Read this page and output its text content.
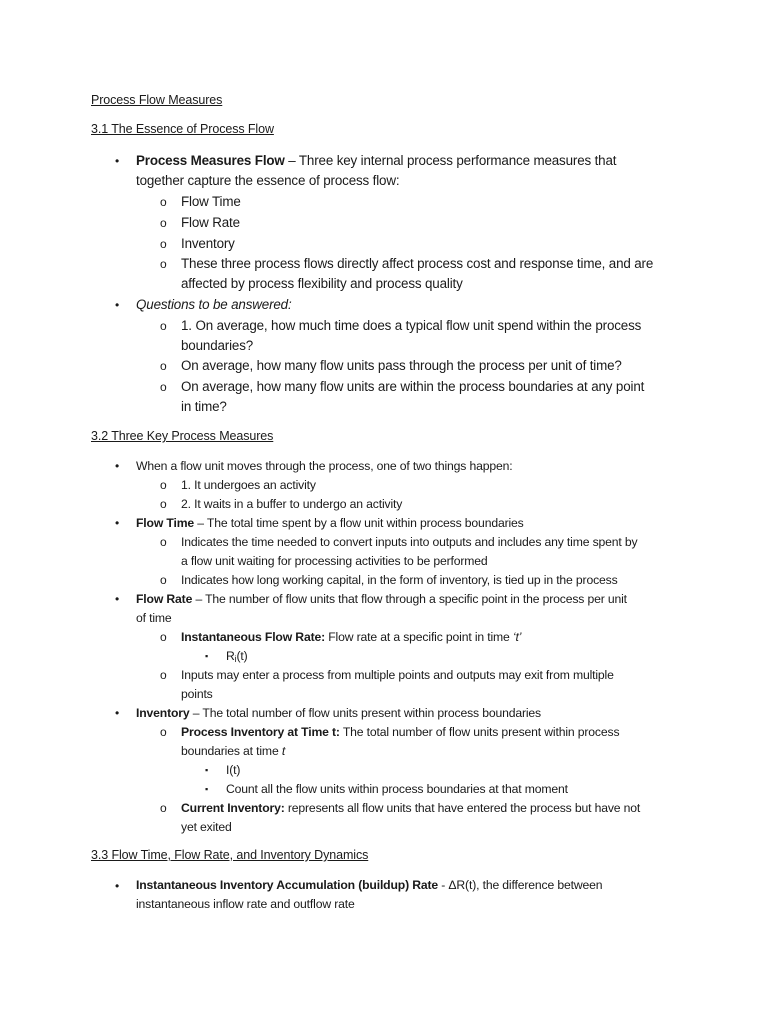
Process Flow Measures
3.1 The Essence of Process Flow
• Process Measures Flow – Three key internal process performance measures that
together capture the essence of process flow:
o Flow Time
o Flow Rate
o Inventory
o These three process flows directly affect process cost and response time, and are
affected by process flexibility and process quality
• Questions to be answered:
o 1. On average, how much time does a typical flow unit spend within the process
boundaries?
o On average, how many flow units pass through the process per unit of time?
o On average, how many flow units are within the process boundaries at any point
in time?
3.2 Three Key Process Measures
• When a flow unit moves through the process, one of two things happen:
o 1. It undergoes an activity
o 2. It waits in a buffer to undergo an activity
• Flow Time – The total time spent by a flow unit within process boundaries
o Indicates the time needed to convert inputs into outputs and includes any time spent by
a flow unit waiting for processing activities to be performed
o Indicates how long working capital, in the form of inventory, is tied up in the process
• Flow Rate – The number of flow units that flow through a specific point in the process per unit
of time
o Instantaneous Flow Rate: Flow rate at a specific point in time ‘t’
▪ $R_i(t)$
o Inputs may enter a process from multiple points and outputs may exit from multiple
points
• Inventory – The total number of flow units present within process boundaries
o Process Inventory at Time t: The total number of flow units present within process
boundaries at time t
▪ I(t)
▪ Count all the flow units within process boundaries at that moment
o Current Inventory: represents all flow units that have entered the process but have not
yet exited
3.3 Flow Time, Flow Rate, and Inventory Dynamics
• Instantaneous Inventory Accumulation (buildup) Rate - ΔR(t), the difference between
instantaneous inflow rate and outflow rate
